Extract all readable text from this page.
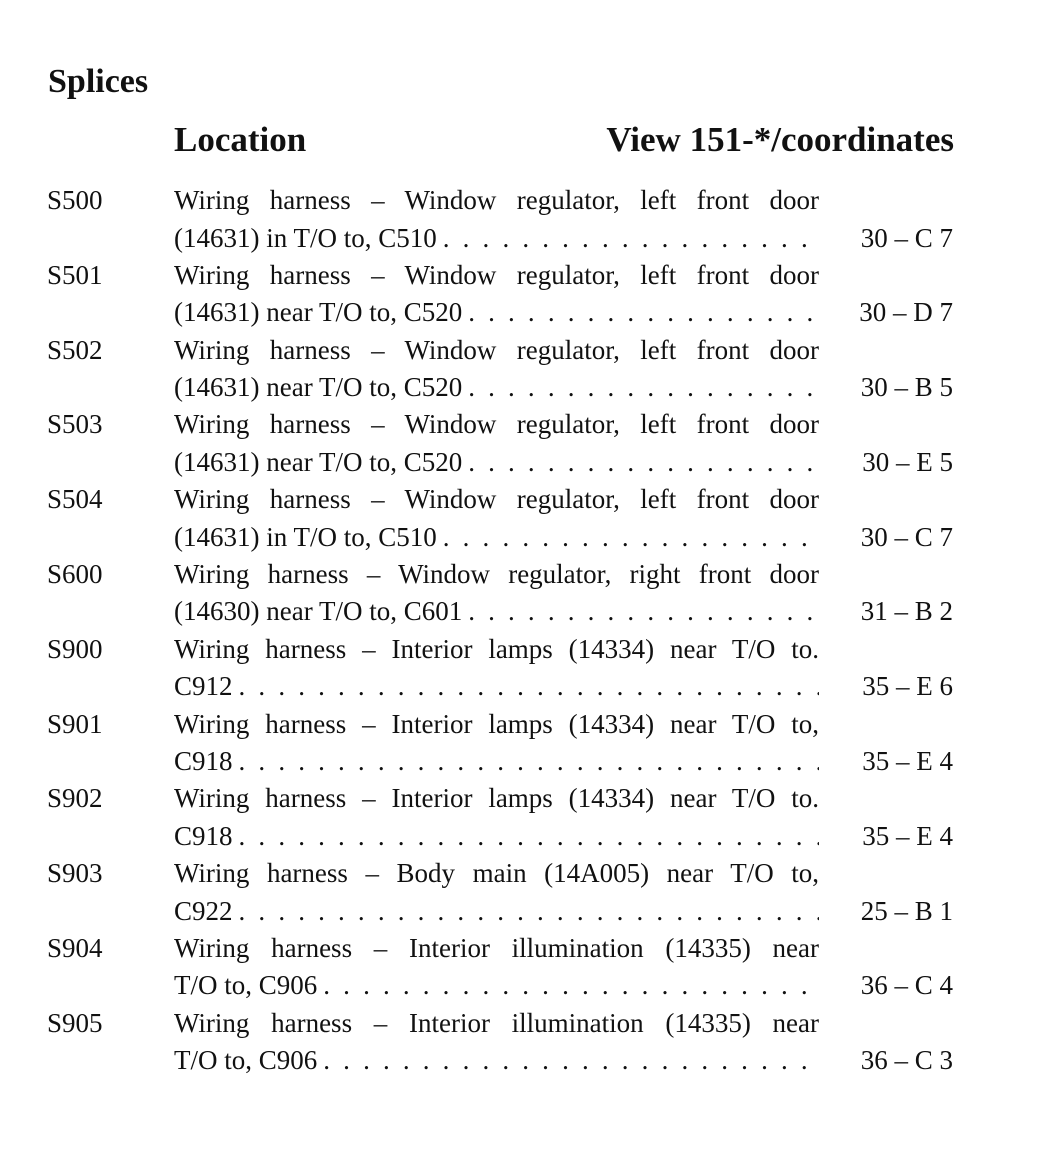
Splices
Location	View 151-*/coordinates
S500	Wiring harness – Window regulator, left front door
(14631) in T/O to, C510 . . .	30 – C 7
S501	Wiring harness – Window regulator, left front door
(14631) near T/O to, C520 . . .	30 – D 7
S502	Wiring harness – Window regulator, left front door
(14631) near T/O to, C520 . . .	30 – B 5
S503	Wiring harness – Window regulator, left front door
(14631) near T/O to, C520 . . .	30 – E 5
S504	Wiring harness – Window regulator, left front door
(14631) in T/O to, C510 . . .	30 – C 7
S600	Wiring harness – Window regulator, right front door
(14630) near T/O to, C601 . . .	31 – B 2
S900	Wiring harness – Interior lamps (14334) near T/O to.
C912 . . .	35 – E 6
S901	Wiring harness – Interior lamps (14334) near T/O to,
C918 . . .	35 – E 4
S902	Wiring harness – Interior lamps (14334) near T/O to.
C918 . . .	35 – E 4
S903	Wiring harness – Body main (14A005) near T/O to,
C922 . . .	25 – B 1
S904	Wiring harness – Interior illumination (14335) near
T/O to, C906 . . .	36 – C 4
S905	Wiring harness – Interior illumination (14335) near
T/O to, C906 . . .	36 – C 3
